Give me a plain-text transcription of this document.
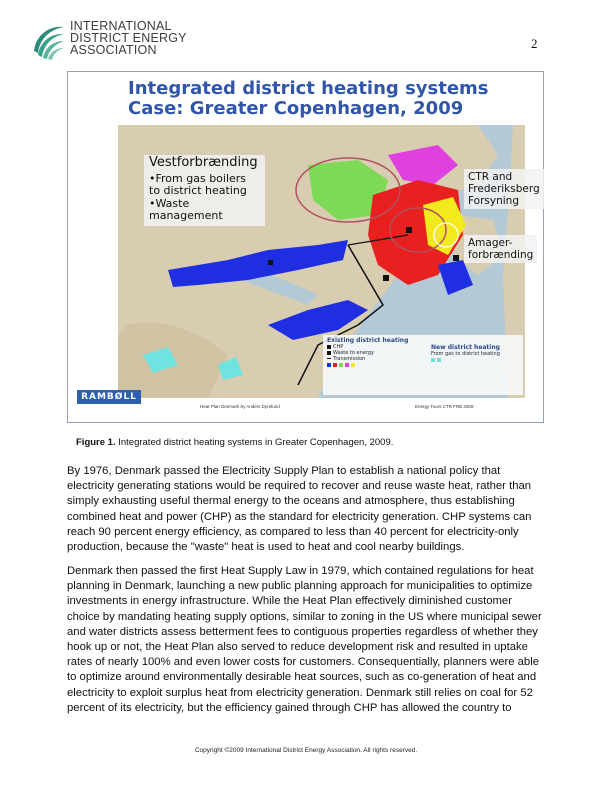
INTERNATIONAL
DISTRICT ENERGY
ASSOCIATION	2
Integrated district heating systems
Case: Greater Copenhagen, 2009
Vestforbrænding
•From gas boilers to district heating
•Waste management
CTR and
Frederiksberg
Forsyning
Amager-
forbrænding
Existing district heating
CHP
Waste to energy
Transmission
New district heating
From gas to district heating
RAMBØLL
Heat Plan Denmark by Anders Dyrelund	Energy Tours CTR FRB 2009
Figure 1. Integrated district heating systems in Greater Copenhagen, 2009.

By 1976, Denmark passed the Electricity Supply Plan to establish a national policy that electricity generating stations would be required to recover and reuse waste heat, rather than simply exhausting useful thermal energy to the oceans and atmosphere, thus establishing combined heat and power (CHP) as the standard for electricity generation. CHP systems can reach 90 percent energy efficiency, as compared to less than 40 percent for electricity-only production, because the "waste" heat is used to heat and cool nearby buildings.

Denmark then passed the first Heat Supply Law in 1979, which contained regulations for heat planning in Denmark, launching a new public planning approach for municipalities to optimize investments in energy infrastructure. While the Heat Plan effectively diminished customer choice by mandating heating supply options, similar to zoning in the US where municipal sewer and water districts assess betterment fees to contiguous properties regardless of whether they hook up or not, the Heat Plan also served to reduce development risk and resulted in uptake rates of nearly 100% and even lower costs for customers. Consequentially, planners were able to optimize around environmentally desirable heat sources, such as co-generation of heat and electricity to exploit surplus heat from electricity generation. Denmark still relies on coal for 52 percent of its electricity, but the efficiency gained through CHP has allowed the country to

Copyright ©2009 International District Energy Association. All rights reserved.
